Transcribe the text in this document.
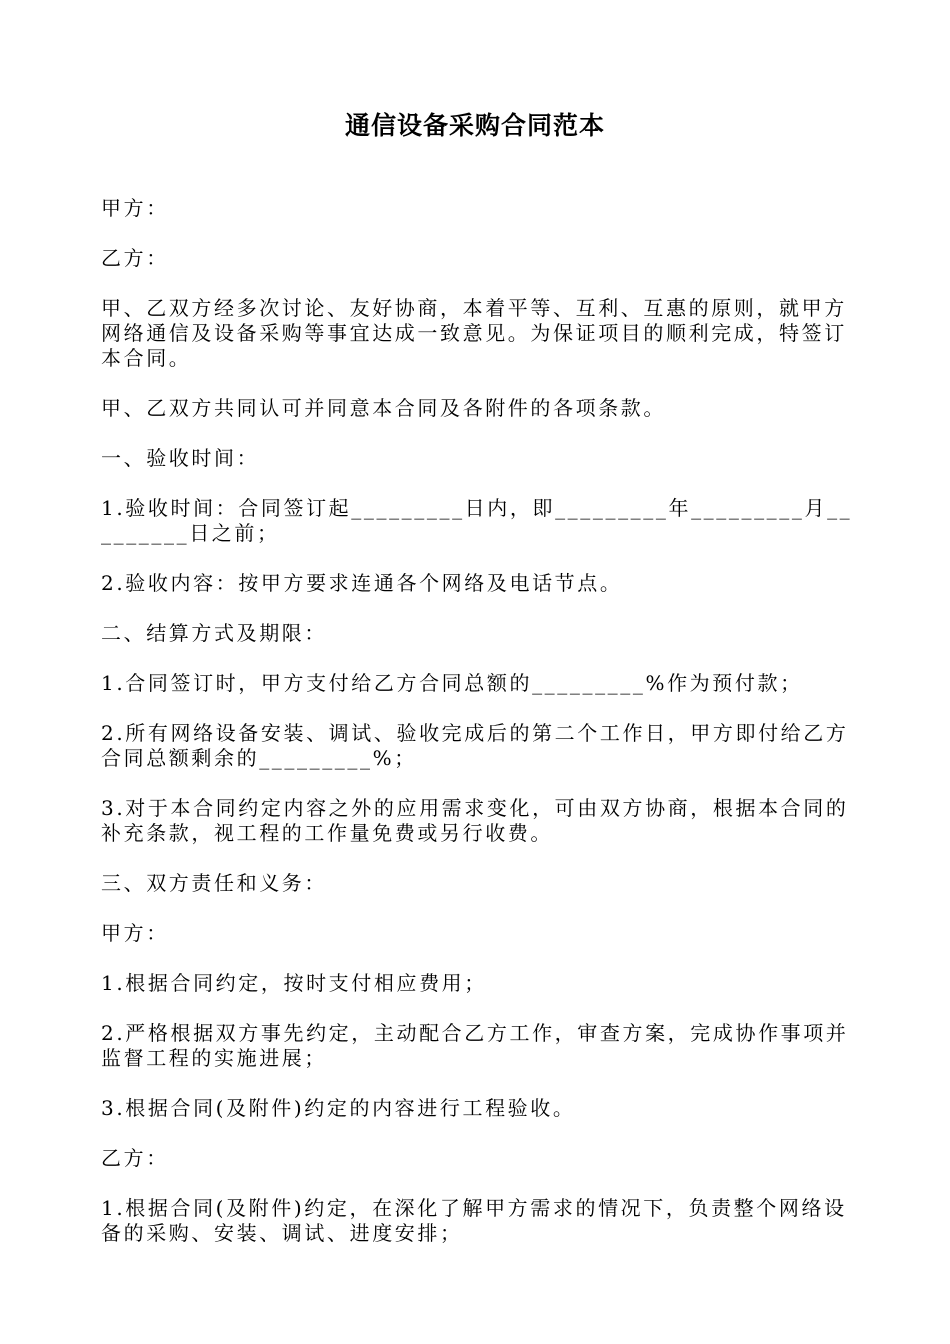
通信设备采购合同范本

甲方：

乙方：

甲、乙双方经多次讨论、友好协商，本着平等、互利、互惠的原则，就甲方网络通信及设备采购等事宜达成一致意见。为保证项目的顺利完成，特签订本合同。

甲、乙双方共同认可并同意本合同及各附件的各项条款。

一、验收时间：

1.验收时间：合同签订起_________日内，即_________年_________月_________日之前；

2.验收内容：按甲方要求连通各个网络及电话节点。

二、结算方式及期限：

1.合同签订时，甲方支付给乙方合同总额的_________%作为预付款；

2.所有网络设备安装、调试、验收完成后的第二个工作日，甲方即付给乙方合同总额剩余的_________%；

3.对于本合同约定内容之外的应用需求变化，可由双方协商，根据本合同的补充条款，视工程的工作量免费或另行收费。

三、双方责任和义务：

甲方：

1.根据合同约定，按时支付相应费用；

2.严格根据双方事先约定，主动配合乙方工作，审查方案，完成协作事项并监督工程的实施进展；

3.根据合同(及附件)约定的内容进行工程验收。

乙方：

1.根据合同(及附件)约定，在深化了解甲方需求的情况下，负责整个网络设备的采购、安装、调试、进度安排；
